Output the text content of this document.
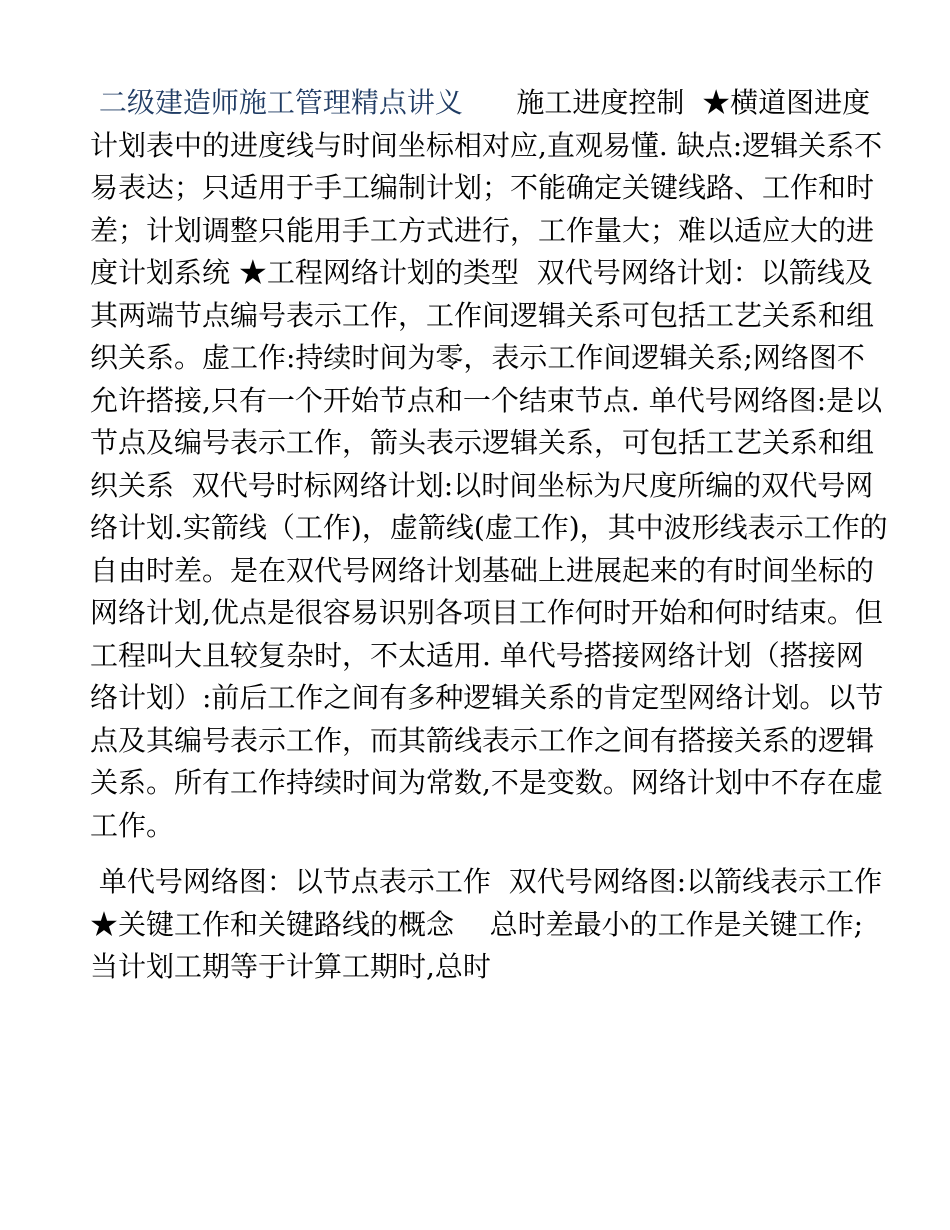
二级建造师施工管理精点讲义      施工进度控制  ★横道图进度计划表中的进度线与时间坐标相对应,直观易懂. 缺点:逻辑关系不易表达；只适用于手工编制计划；不能确定关键线路、工作和时差；计划调整只能用手工方式进行，工作量大；难以适应大的进度计划系统 ★工程网络计划的类型  双代号网络计划：以箭线及其两端节点编号表示工作，工作间逻辑关系可包括工艺关系和组织关系。虚工作:持续时间为零，表示工作间逻辑关系;网络图不允许搭接,只有一个开始节点和一个结束节点. 单代号网络图:是以节点及编号表示工作，箭头表示逻辑关系，可包括工艺关系和组织关系  双代号时标网络计划:以时间坐标为尺度所编的双代号网络计划.实箭线（工作)，虚箭线(虚工作)，其中波形线表示工作的自由时差。是在双代号网络计划基础上进展起来的有时间坐标的网络计划,优点是很容易识别各项目工作何时开始和何时结束。但工程叫大且较复杂时，不太适用. 单代号搭接网络计划（搭接网络计划）:前后工作之间有多种逻辑关系的肯定型网络计划。以节点及其编号表示工作，而其箭线表示工作之间有搭接关系的逻辑关系。所有工作持续时间为常数,不是变数。网络计划中不存在虚工作。

单代号网络图：以节点表示工作  双代号网络图:以箭线表示工作  ★关键工作和关键路线的概念    总时差最小的工作是关键工作;当计划工期等于计算工期时,总时
